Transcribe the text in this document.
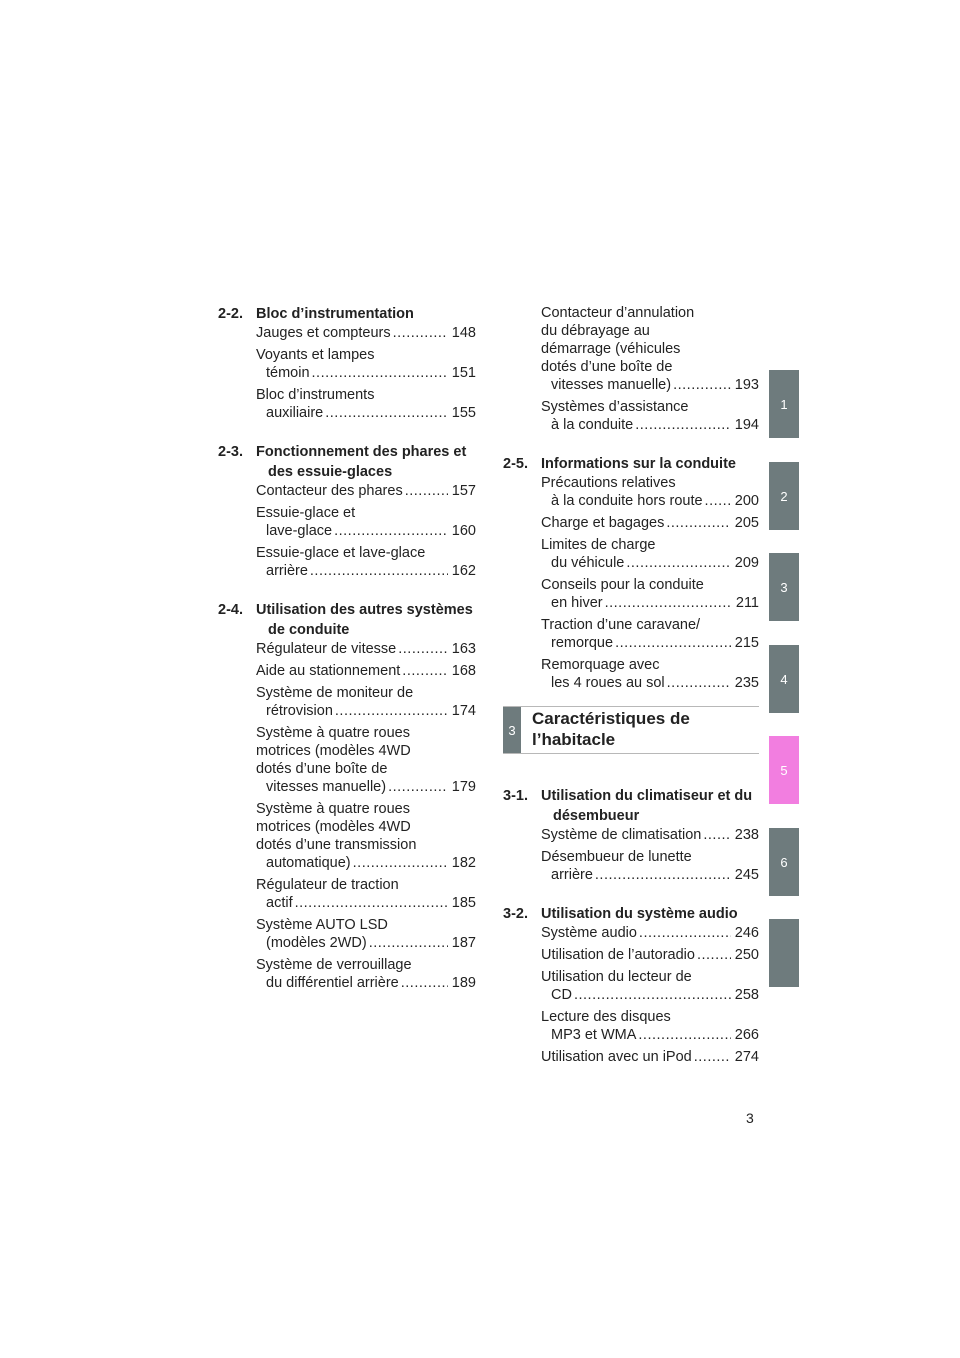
2-2. Bloc d’instrumentation
Jauges et compteurs .....	148
Voyants et lampes
témoin .....	151
Bloc d’instruments
auxiliaire .....	155
2-3. Fonctionnement des phares et des essuie-glaces
Contacteur des phares .....	157
Essuie-glace et
lave-glace .....	160
Essuie-glace et lave-glace
arrière .....	162
2-4. Utilisation des autres systèmes de conduite
Régulateur de vitesse .....	163
Aide au stationnement .....	168
Système de moniteur de
rétrovision .....	174
Système à quatre roues
motrices (modèles 4WD
dotés d’une boîte de
vitesses manuelle) .....	179
Système à quatre roues
motrices (modèles 4WD
dotés d’une transmission
automatique) .....	182
Régulateur de traction
actif .....	185
Système AUTO LSD
(modèles 2WD) .....	187
Système de verrouillage
du différentiel arrière .....	189
Contacteur d’annulation
du débrayage au
démarrage (véhicules
dotés d’une boîte de
vitesses manuelle) .....	193
Systèmes d’assistance
à la conduite .....	194
2-5. Informations sur la conduite
Précautions relatives
à la conduite hors route ..... 200
Charge et bagages .....	205
Limites de charge
du véhicule .....	209
Conseils pour la conduite
en hiver .....	211
Traction d’une caravane/
remorque .....	215
Remorquage avec
les 4 roues au sol .....	235
3
Caractéristiques de l’habitacle
3-1. Utilisation du climatiseur et du désembueur
Système de climatisation ..... 238
Désembueur de lunette
arrière .....	245
3-2. Utilisation du système audio
Système audio .....	246
Utilisation de l’autoradio .....	250
Utilisation du lecteur de
CD .....	258
Lecture des disques
MP3 et WMA .....	266
Utilisation avec un iPod .....	274
1
2
3
4
5
6
3
